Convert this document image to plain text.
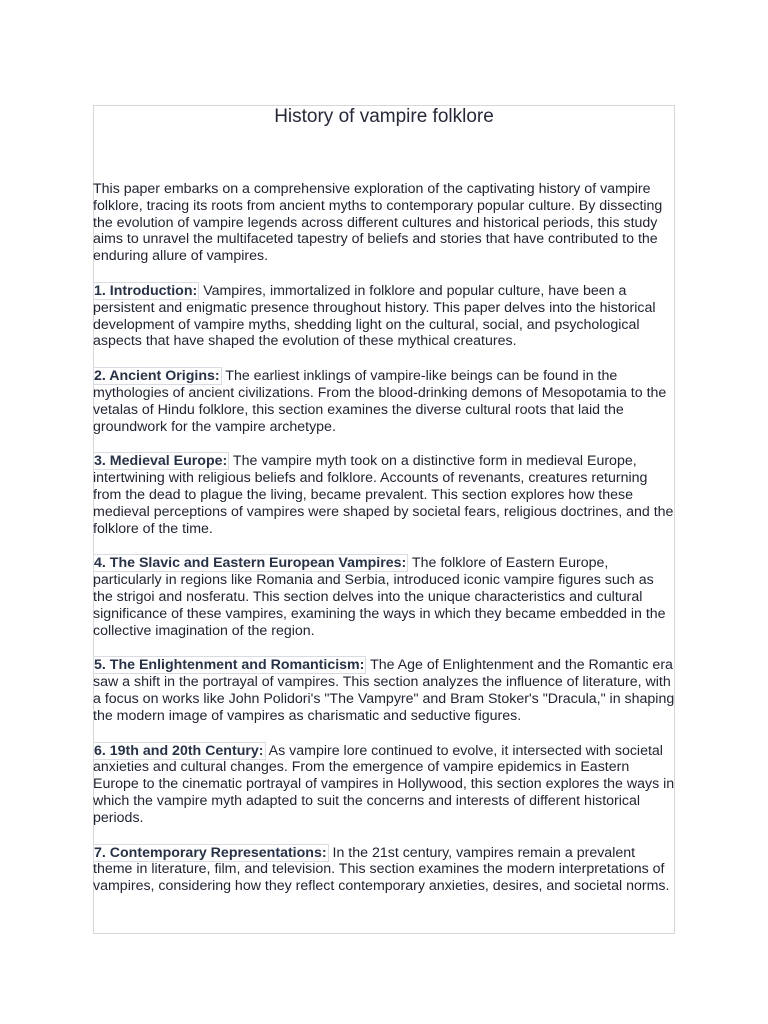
History of vampire folklore

This paper embarks on a comprehensive exploration of the captivating history of vampire folklore, tracing its roots from ancient myths to contemporary popular culture. By dissecting the evolution of vampire legends across different cultures and historical periods, this study aims to unravel the multifaceted tapestry of beliefs and stories that have contributed to the enduring allure of vampires.

1. Introduction: Vampires, immortalized in folklore and popular culture, have been a persistent and enigmatic presence throughout history. This paper delves into the historical development of vampire myths, shedding light on the cultural, social, and psychological aspects that have shaped the evolution of these mythical creatures.

2. Ancient Origins: The earliest inklings of vampire-like beings can be found in the mythologies of ancient civilizations. From the blood-drinking demons of Mesopotamia to the vetalas of Hindu folklore, this section examines the diverse cultural roots that laid the groundwork for the vampire archetype.

3. Medieval Europe: The vampire myth took on a distinctive form in medieval Europe, intertwining with religious beliefs and folklore. Accounts of revenants, creatures returning from the dead to plague the living, became prevalent. This section explores how these medieval perceptions of vampires were shaped by societal fears, religious doctrines, and the folklore of the time.

4. The Slavic and Eastern European Vampires: The folklore of Eastern Europe, particularly in regions like Romania and Serbia, introduced iconic vampire figures such as the strigoi and nosferatu. This section delves into the unique characteristics and cultural significance of these vampires, examining the ways in which they became embedded in the collective imagination of the region.

5. The Enlightenment and Romanticism: The Age of Enlightenment and the Romantic era saw a shift in the portrayal of vampires. This section analyzes the influence of literature, with a focus on works like John Polidori's "The Vampyre" and Bram Stoker's "Dracula," in shaping the modern image of vampires as charismatic and seductive figures.

6. 19th and 20th Century: As vampire lore continued to evolve, it intersected with societal anxieties and cultural changes. From the emergence of vampire epidemics in Eastern Europe to the cinematic portrayal of vampires in Hollywood, this section explores the ways in which the vampire myth adapted to suit the concerns and interests of different historical periods.

7. Contemporary Representations: In the 21st century, vampires remain a prevalent theme in literature, film, and television. This section examines the modern interpretations of vampires, considering how they reflect contemporary anxieties, desires, and societal norms.
